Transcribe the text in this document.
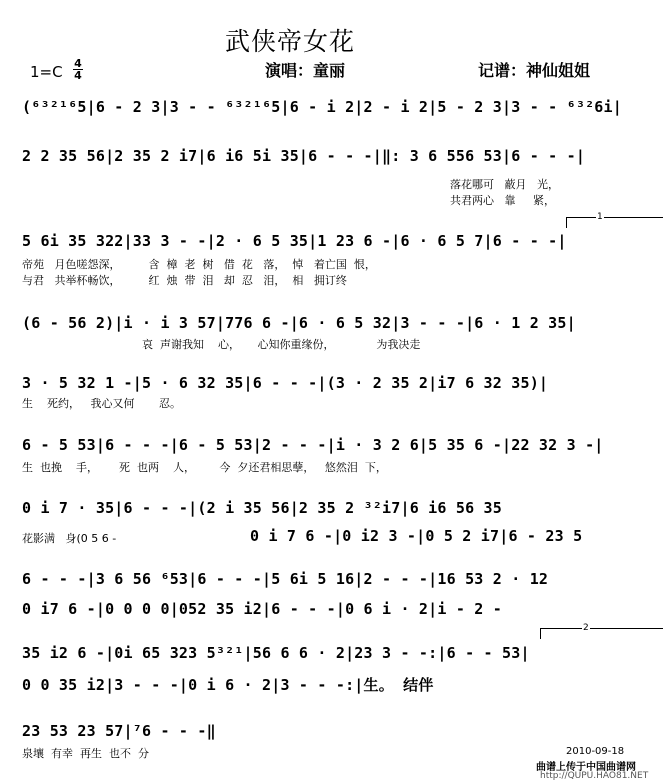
武侠帝女花
1=C 4
4	演唱：童丽	记谱：神仙姐姐
(⁶³²¹⁶5|6 - 2 3|3 - - ⁶³²¹⁶5|6 - i 2|2 - i 2|5 - 2 3|3 - - ⁶³²6i|
2 2 35 56|2 35 2 i7|6 i6 5i 35|6 - - -|‖: 3 6 556 53|6 - - -|
落花哪可   蔽月   光，
共君两心   靠     紧，
1
5 6i 35 322|33 3 - -|2 · 6 5 35|1 23 6 -|6 · 6 5 7|6 - - -|
帝苑   月色嗟怨深，        含  樟  老  树   借  花   落，  悼   着亡国  恨，
与君   共举杯畅饮，        红  烛  带  泪   却  忍   泪，  相   拥订终
(6 - 56 2)|i · i 3 57|776 6 -|6 · 6 5 32|3 - - -|6 · 1 2 35|
哀  声谢我知    心，     心知你重缘份，            为我决走
3 · 5 32 1 -|5 · 6 32 35|6 - - -|(3 · 2 35 2|i7 6 32 35)|
生    死约，   我心又何       忍。
6 - 5 53|6 - - -|6 - 5 53|2 - - -|i · 3 2 6|5 35 6 -|22 32 3 -|
生  也挽    手，      死  也两    人，       今  夕还君相思孽，   悠然泪  下，
0 i 7 · 35|6 - - -|(2 i 35 56|2 35 2 ³²i7|6 i6 56 35
花影满   身(0 5 6 -	0 i 7 6 -|0 i2 3 -|0 5 2 i7|6 - 23 5
6 - - -|3 6 56 ⁶53|6 - - -|5 6i 5 16|2 - - -|16 53 2 · 12
0 i7 6 -|0 0 0 0|052 35 i2|6 - - -|0 6 i · 2|i - 2 -
2
35 i2 6 -|0i 65 323 5³²¹|56 6 6 · 2|23 3 - -:|6 - - 53|
0 0 35 i2|3 - - -|0 i 6 · 2|3 - - -:|生。 结伴
23 53 23 57|⁷6 - - -‖
泉壤  有幸  再生  也不  分	2010-09-18
曲谱上传于中国曲谱网
http://QUPU.HAO81.NET
